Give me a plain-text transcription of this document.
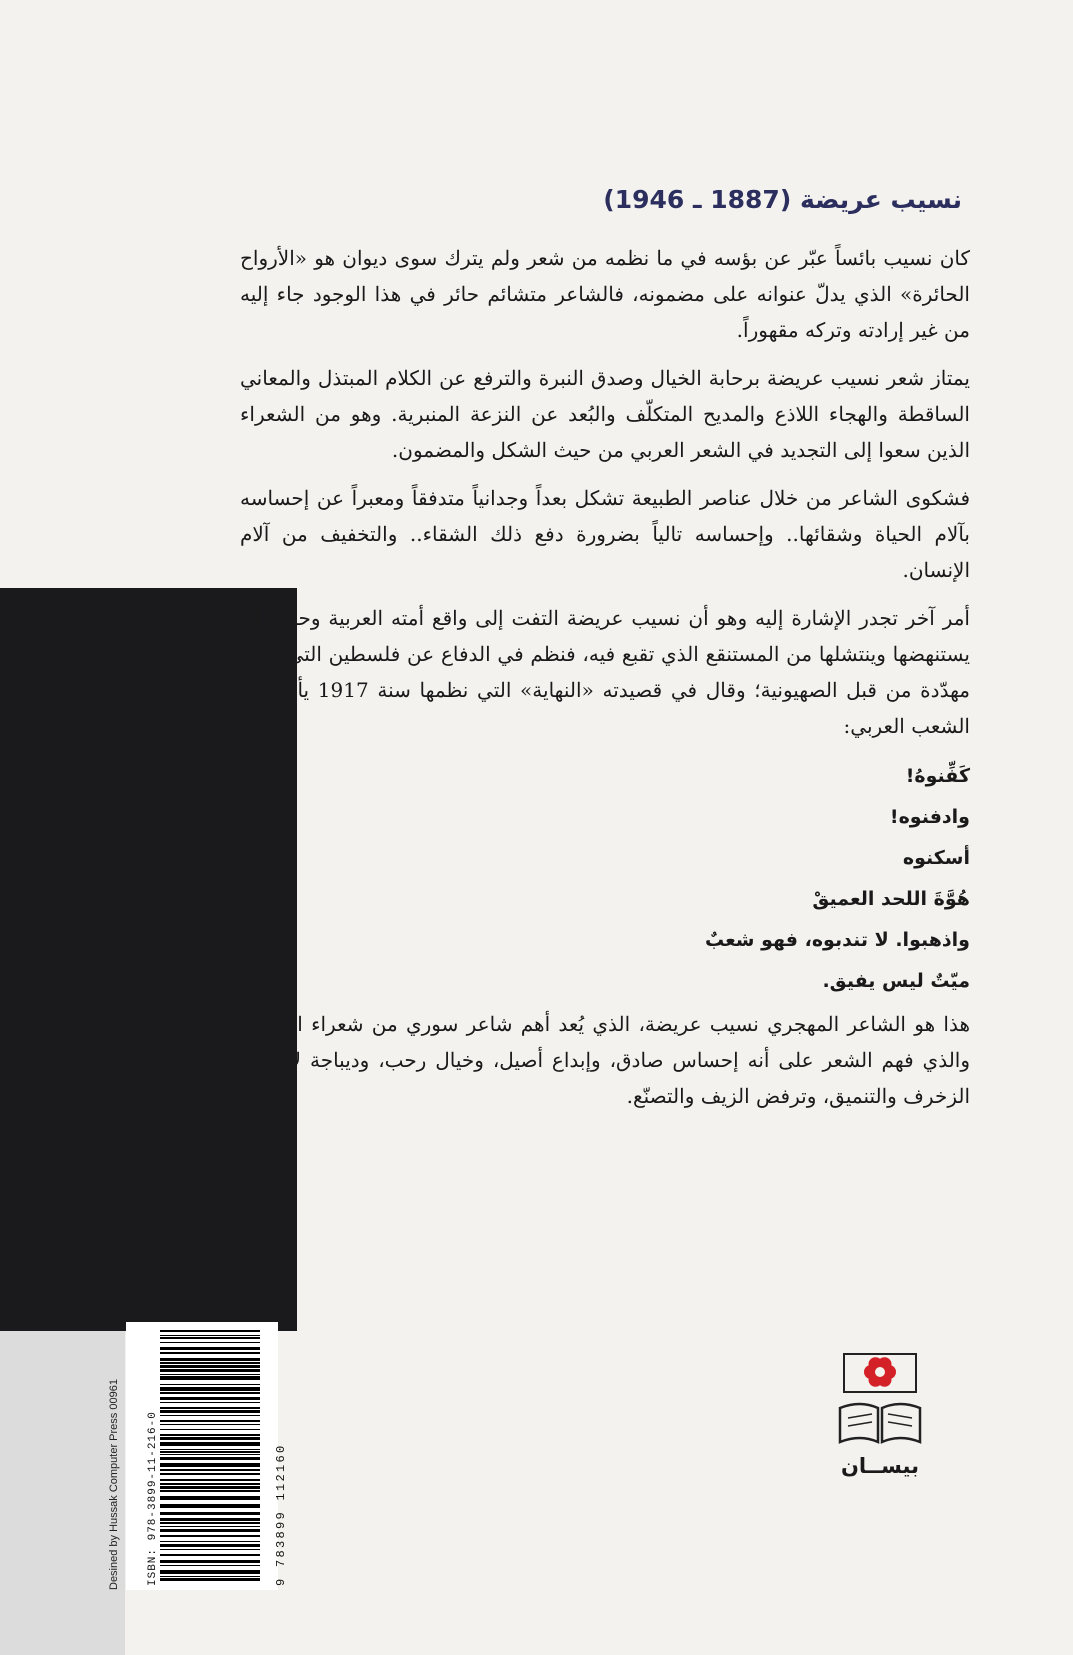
Desined by Hussak Computer Press 00961 ISBN: 978-3899-11-216-0	9 783899 112160
نسيب عريضة (1887 ـ 1946)

كان نسيب بائساً عبّر عن بؤسه في ما نظمه من شعر ولم يترك سوى ديوان هو «الأرواح الحائرة» الذي يدلّ عنوانه على مضمونه، فالشاعر متشائم حائر في هذا الوجود جاء إليه من غير إرادته وتركه مقهوراً.

يمتاز شعر نسيب عريضة برحابة الخيال وصدق النبرة والترفع عن الكلام المبتذل والمعاني الساقطة والهجاء اللاذع والمديح المتكلّف والبُعد عن النزعة المنبرية. وهو من الشعراء الذين سعوا إلى التجديد في الشعر العربي من حيث الشكل والمضمون.

فشكوى الشاعر من خلال عناصر الطبيعة تشكل بعداً وجدانياً متدفقاً ومعبراً عن إحساسه بآلام الحياة وشقائها.. وإحساسه تالياً بضرورة دفع ذلك الشقاء.. والتخفيف من آلام الإنسان.

أمر آخر تجدر الإشارة إليه وهو أن نسيب عريضة التفت إلى واقع أمته العربية وحاول أن يستنهضها وينتشلها من المستنقع الذي تقبع فيه، فنظم في الدفاع عن فلسطين التي كانت مهدّدة من قبل الصهيونية؛ وقال في قصيدته «النهاية» التي نظمها سنة 1917 يأساً من الشعب العربي:

كَفِّنوهُ!
وادفنوه!
أسكنوه
هُوَّةَ اللحد العميقْ
واذهبوا. لا تندبوه، فهو شعبٌ
ميّتٌ ليس يفيق.

هذا هو الشاعر المهجري نسيب عريضة، الذي يُعد أهم شاعر سوري من شعراء المهجر، والذي فهم الشعر على أنه إحساس صادق، وإبداع أصيل، وخيال رحب، وديباجة لا تهوى الزخرف والتنميق، وترفض الزيف والتصنّع.

بيســان
